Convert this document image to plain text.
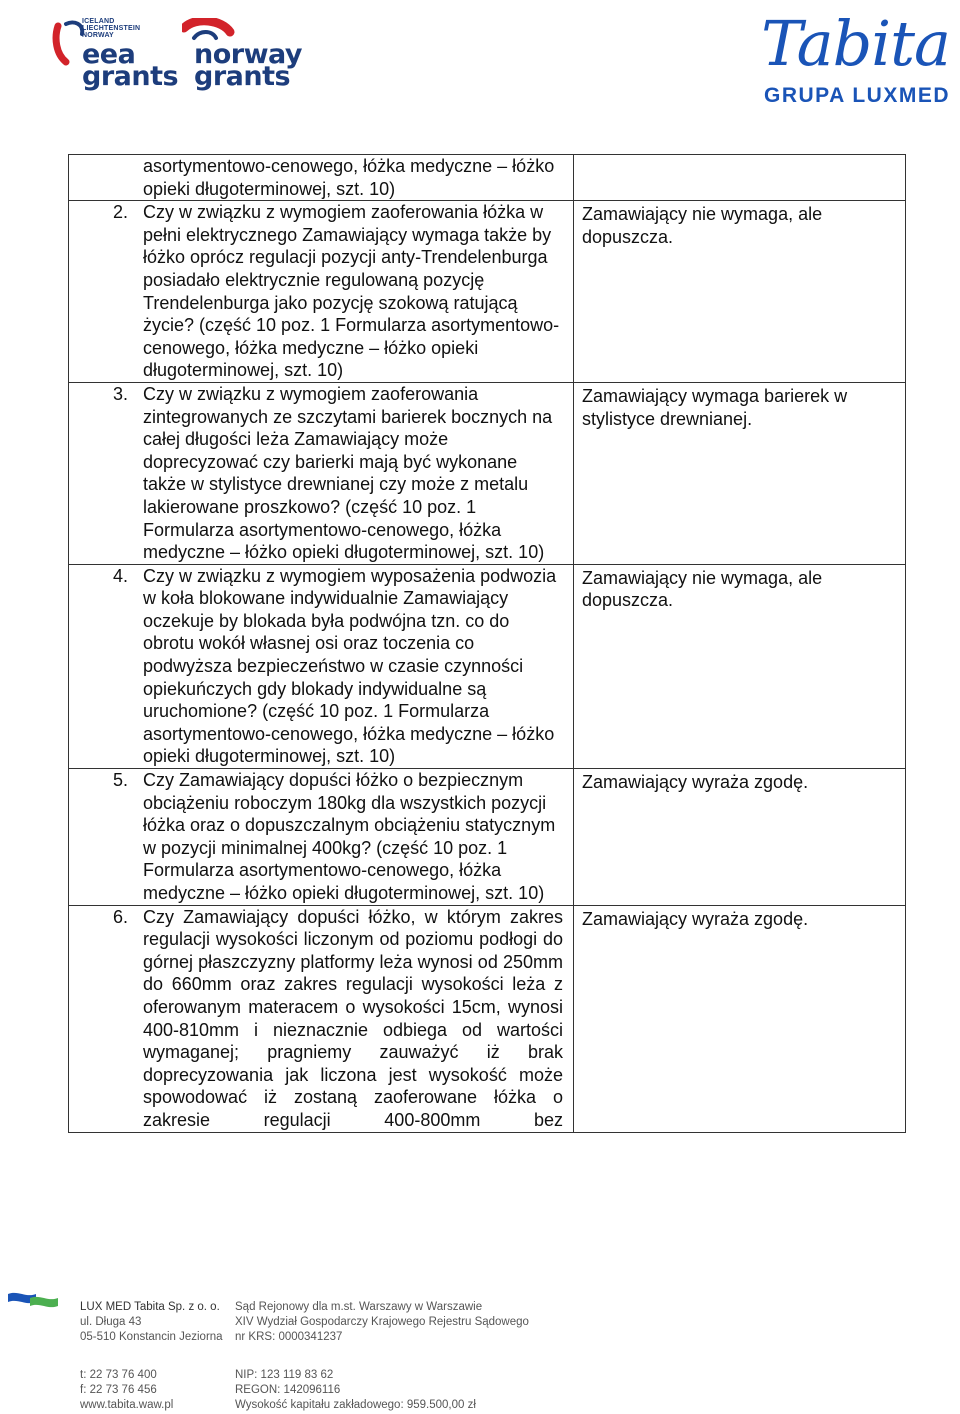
ICELAND LIECHTENSTEIN NORWAY
eea
grants
norway
grants	Tabita
GRUPA LUXMED
asortymentowo-cenowego, łóżka medyczne – łóżko opieki długoterminowej, szt. 10)	

2. Czy w związku z wymogiem zaoferowania łóżka w pełni elektrycznego Zamawiający wymaga także by łóżko oprócz regulacji pozycji anty-Trendelenburga posiadało elektrycznie regulowaną pozycję Trendelenburga jako pozycję szokową ratującą życie? (część 10 poz. 1 Formularza asortymentowo-cenowego, łóżka medyczne – łóżko opieki długoterminowej, szt. 10)	Zamawiający nie wymaga, ale dopuszcza.

3. Czy w związku z wymogiem zaoferowania zintegrowanych ze szczytami barierek bocznych na całej długości leża Zamawiający może doprecyzować czy barierki mają być wykonane także w stylistyce drewnianej czy może z metalu lakierowane proszkowo? (część 10 poz. 1 Formularza asortymentowo-cenowego, łóżka medyczne – łóżko opieki długoterminowej, szt. 10)	Zamawiający wymaga barierek w stylistyce drewnianej.

4. Czy w związku z wymogiem wyposażenia podwozia w koła blokowane indywidualnie Zamawiający oczekuje by blokada była podwójna tzn. co do obrotu wokół własnej osi oraz toczenia co podwyższa bezpieczeństwo w czasie czynności opiekuńczych gdy blokady indywidualne są uruchomione? (część 10 poz. 1 Formularza asortymentowo-cenowego, łóżka medyczne – łóżko opieki długoterminowej, szt. 10)	Zamawiający nie wymaga, ale dopuszcza.

5. Czy Zamawiający dopuści łóżko o bezpiecznym obciążeniu roboczym 180kg dla wszystkich pozycji łóżka oraz o dopuszczalnym obciążeniu statycznym w pozycji minimalnej 400kg? (część 10 poz. 1 Formularza asortymentowo-cenowego, łóżka medyczne – łóżko opieki długoterminowej, szt. 10)	Zamawiający wyraża zgodę.

6. Czy Zamawiający dopuści łóżko, w którym zakres regulacji wysokości liczonym od poziomu podłogi do górnej płaszczyzny platformy leża wynosi od 250mm do 660mm oraz zakres regulacji wysokości leża z oferowanym materacem o wysokości 15cm, wynosi 400-810mm i nieznacznie odbiega od wartości wymaganej; pragniemy zauważyć iż brak doprecyzowania jak liczona jest wysokość może spowodować iż zostaną zaoferowane łóżka o zakresie regulacji 400-800mm bez	Zamawiający wyraża zgodę.
LUX MED Tabita Sp. z o. o.
ul. Długa 43
05-510 Konstancin Jeziorna
Sąd Rejonowy dla m.st. Warszawy w Warszawie
XIV Wydział Gospodarczy Krajowego Rejestru Sądowego
nr KRS: 0000341237
t: 22 73 76 400
f: 22 73 76 456
www.tabita.waw.pl
NIP: 123 119 83 62
REGON: 142096116
Wysokość kapitału zakładowego: 959.500,00 zł
